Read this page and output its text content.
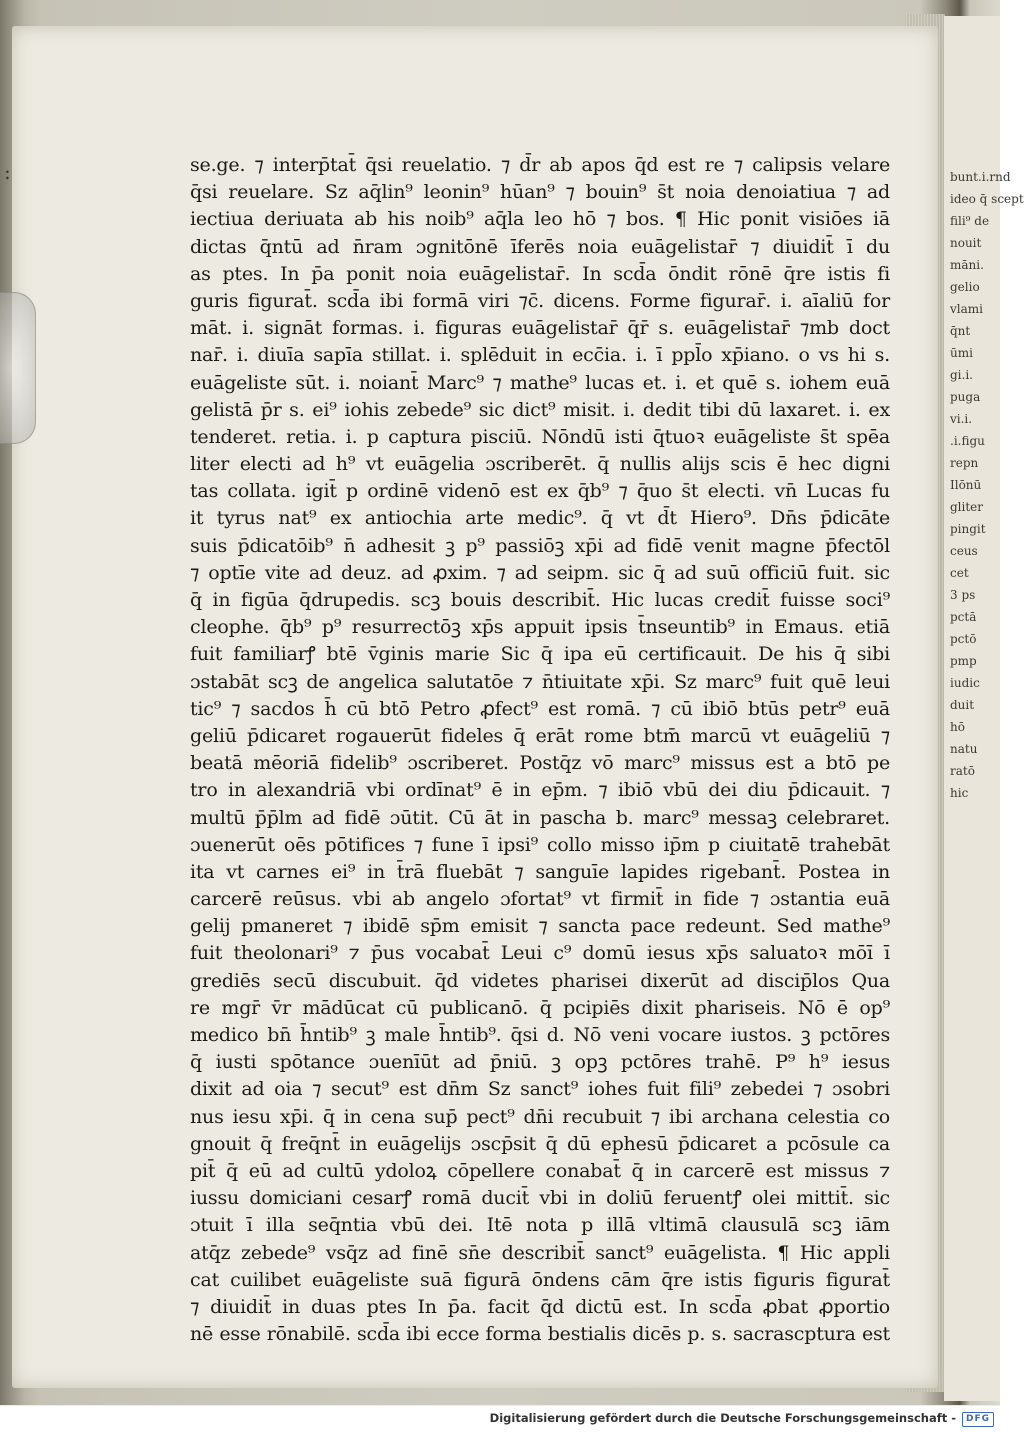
bunt.i.rnd
ideo q̄ scept
fili⁹ de
nouit
māni.
gelio
vlami
q̄nt
ūmi
gi.i.
puga
vi.i.
.i.figu
repn
Ilōnū
gliter
pingit
ceus
cet
3 ps
pctā
pctō
pmp
iudic
duit
hō
natu
ratō
hic
:	se.ge. ⁊ interp̄tat̄ q̄si reuelatio. ⁊ d̄r ab apos q̄d est re ⁊ calipsis velare
q̄si reuelare. Sz aq̄lin⁹ leonin⁹ hūan⁹ ⁊ bouin⁹ s̄t noia denoiatiua ⁊ ad
iectiua deriuata ab his noib⁹ aq̄la leo hō ⁊ bos. ¶ Hic ponit visiōes iā
dictas q̄ntū ad n̄ram ɔgnitōnē īferēs noia euāgelistar̄ ⁊ diuidit̄ ī du
as ptes. In p̄a ponit noia euāgelistar̄. In scd̄a ōndit rōnē q̄re istis fi
guris figurat̄. scd̄a ibi formā viri ⁊c̄. dicens. Forme figurar̄. i. aīaliū for
māt. i. signāt formas. i. figuras euāgelistar̄ q̄r̄ s. euāgelistar̄ ⁊mb doct
nar̄. i. diuīa sapīa stillat. i. splēduit in ecc̄ia. i. ī ppl̄o xp̄iano. o vs hi s.
euāgeliste sūt. i. noiant̄ Marc⁹ ⁊ mathe⁹ lucas et. i. et quē s. iohem euā
gelistā p̄r s. ei⁹ iohis zebede⁹ sic dict⁹ misit. i. dedit tibi dū laxaret. i. ex
tenderet. retia. i. p captura pisciū. Nōndū isti q̄tuoꝛ euāgeliste s̄t spēa
liter electi ad h⁹ vt euāgelia ɔscriberēt. q̄ nullis alijs scis ē hec digni
tas collata. igit̄ p ordinē videnō est ex q̄b⁹ ⁊ q̄uo s̄t electi. vn̄ Lucas fu
it tyrus nat⁹ ex antiochia arte medic⁹. q̄ vt d̄t Hiero⁹. Dn̄s p̄dicāte
suis p̄dicatōib⁹ n̄ adhesit ꝫ p⁹ passiōꝫ xp̄i ad fidē venit magne p̄fectōl
⁊ optīe vite ad deuz. ad ꝓxim. ⁊ ad seipm. sic q̄ ad suū officiū fuit. sic
q̄ in figūa q̄drupedis. scꝫ bouis describit̄. Hic lucas credit̄ fuisse soci⁹
cleophe. q̄b⁹ p⁹ resurrectōꝫ xp̄s appuit ipsis t̄nseuntib⁹ in Emaus. etiā
fuit familiarꝭ btē v̄ginis marie Sic q̄ ipa eū certificauit. De his q̄ sibi
ɔstabāt scꝫ de angelica salutatōe ⁊ n̄tiuitate xp̄i. Sz marc⁹ fuit quē leui
tic⁹ ⁊ sacdos h̄ cū btō Petro ꝓfect⁹ est romā. ⁊ cū ibiō btūs petr⁹ euā
geliū p̄dicaret rogauerūt fideles q̄ erāt rome btm̄ marcū vt euāgeliū ⁊
beatā mēoriā fidelib⁹ ɔscriberet. Postq̄z vō marc⁹ missus est a btō pe
tro in alexandriā vbi ordīnat⁹ ē in ep̄m. ⁊ ibiō vbū dei diu p̄dicauit. ⁊
multū p̄p̄lm ad fidē ɔūtit. Cū āt in pascha b. marc⁹ messaꝫ celebraret.
ɔuenerūt oēs pōtifices ⁊ fune ī ipsi⁹ collo misso ip̄m p ciuitatē trahebāt
ita vt carnes ei⁹ in t̄rā fluebāt ⁊ sanguīe lapides rigebant̄. Postea in
carcerē reūsus. vbi ab angelo ɔfortat⁹ vt firmit̄ in fide ⁊ ɔstantia euā
gelij pmaneret ⁊ ibidē sp̄m emisit ⁊ sancta pace redeunt. Sed mathe⁹
fuit theolonari⁹ ⁊ p̄us vocabat̄ Leui c⁹ domū iesus xp̄s saluatoꝛ mōī ī
grediēs secū discubuit. q̄d videtes pharisei dixerūt ad discip̄los Qua
re mgr̄ v̄r mādūcat cū publicanō. q̄ pcipiēs dixit phariseis. Nō ē op⁹
medico bn̄ h̄ntib⁹ ꝫ male h̄ntib⁹. q̄si d. Nō veni vocare iustos. ꝫ pctōres
q̄ iusti spōtance ɔuenīūt ad p̄niū. ꝫ opꝫ pctōres trahē. P⁹ h⁹ iesus
dixit ad oia ⁊ secut⁹ est dn̄m Sz sanct⁹ iohes fuit fili⁹ zebedei ⁊ ɔsobri
nus iesu xp̄i. q̄ in cena sup̄ pect⁹ dn̄i recubuit ⁊ ibi archana celestia co
gnouit q̄ freq̄nt̄ in euāgelijs ɔscp̄sit q̄ dū ephesū p̄dicaret a pcōsule ca
pit̄ q̄ eū ad cultū ydoloꝝ cōpellere conabat̄ q̄ in carcerē est missus ⁊
iussu domiciani cesarꝭ romā ducit̄ vbi in doliū feruentꝭ olei mittit̄. sic
ɔtuit ī illa seq̄ntia vbū dei. Itē nota p illā vltimā clausulā scꝫ iām
atq̄z zebede⁹ vsq̄z ad finē sn̄e describit̄ sanct⁹ euāgelista. ¶ Hic appli
cat cuilibet euāgeliste suā figurā ōndens cām q̄re istis figuris figurat̄
⁊ diuidit̄ in duas ptes In p̄a. facit q̄d dictū est. In scd̄a ꝓbat ꝓportio
nē esse rōnabilē. scd̄a ibi ecce forma bestialis dicēs p. s. sacrascptura est
Digitalisierung gefördert durch die Deutsche Forschungsgemeinschaft -	DFG
